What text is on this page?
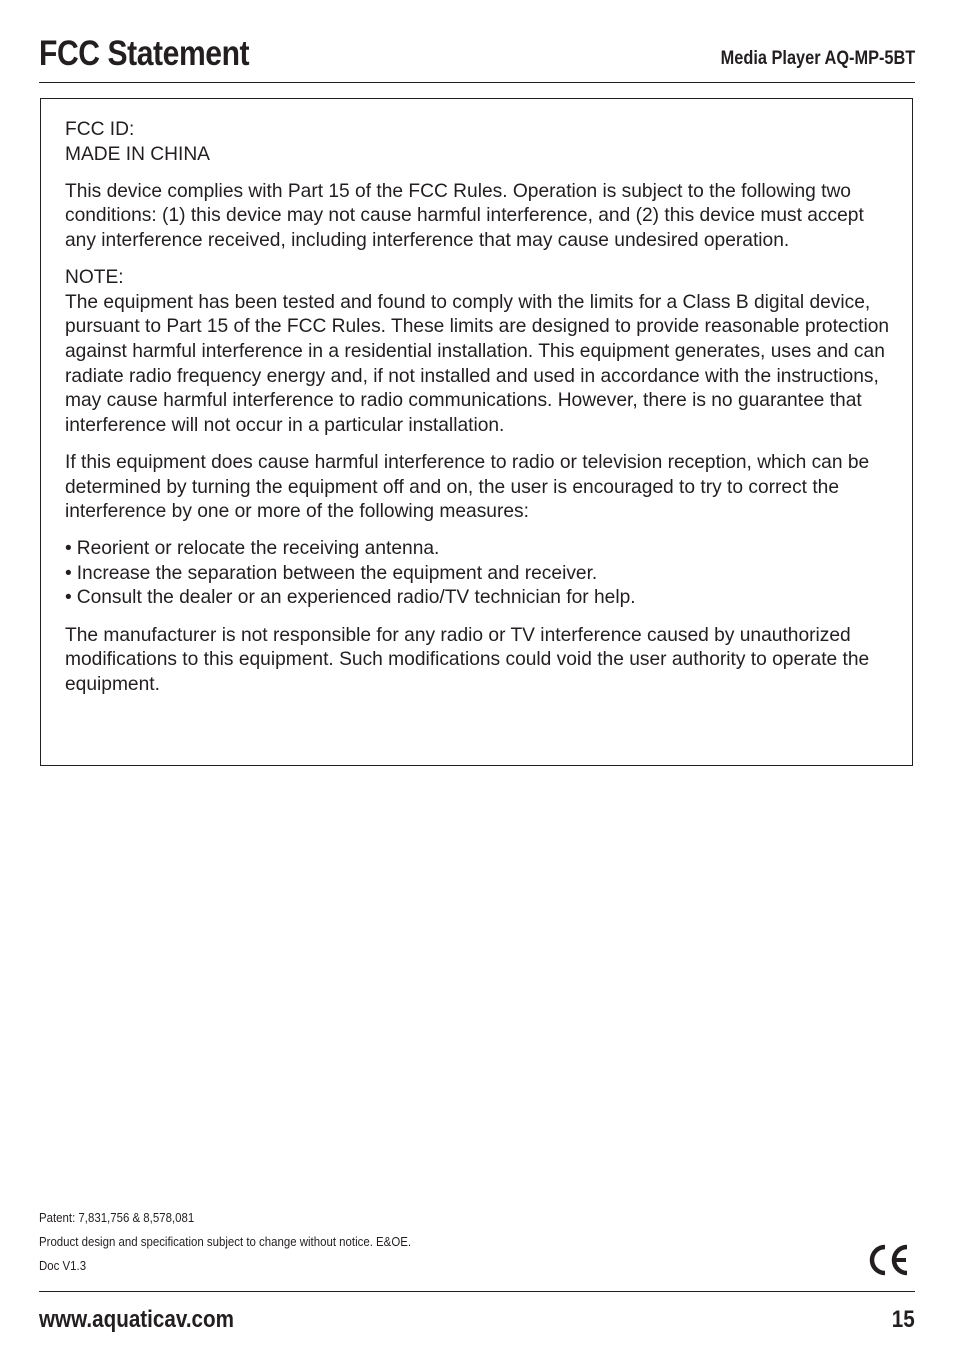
FCC Statement	Media Player AQ-MP-5BT

FCC ID:
MADE IN CHINA

This device complies with Part 15 of the FCC Rules. Operation is subject to the following two conditions: (1) this device may not cause harmful interference, and (2) this device must accept any interference received, including interference that may cause undesired operation.

NOTE:
The equipment has been tested and found to comply with the limits for a Class B digital device, pursuant to Part 15 of the FCC Rules. These limits are designed to provide reasonable protection against harmful interference in a residential installation. This equipment generates, uses and can radiate radio frequency energy and, if not installed and used in accordance with the instructions, may cause harmful interference to radio communications. However, there is no guarantee that interference will not occur in a particular installation.

If this equipment does cause harmful interference to radio or television reception, which can be determined by turning the equipment off and on, the user is encouraged to try to correct the interference by one or more of the following measures:

• Reorient or relocate the receiving antenna.
• Increase the separation between the equipment and receiver.
• Consult the dealer or an experienced radio/TV technician for help.

The manufacturer is not responsible for any radio or TV interference caused by unauthorized modifications to this equipment. Such modifications could void the user authority to operate the equipment.

Patent: 7,831,756 & 8,578,081
Product design and specification subject to change without notice. E&OE.
Doc V1.3
www.aquaticav.com	15
